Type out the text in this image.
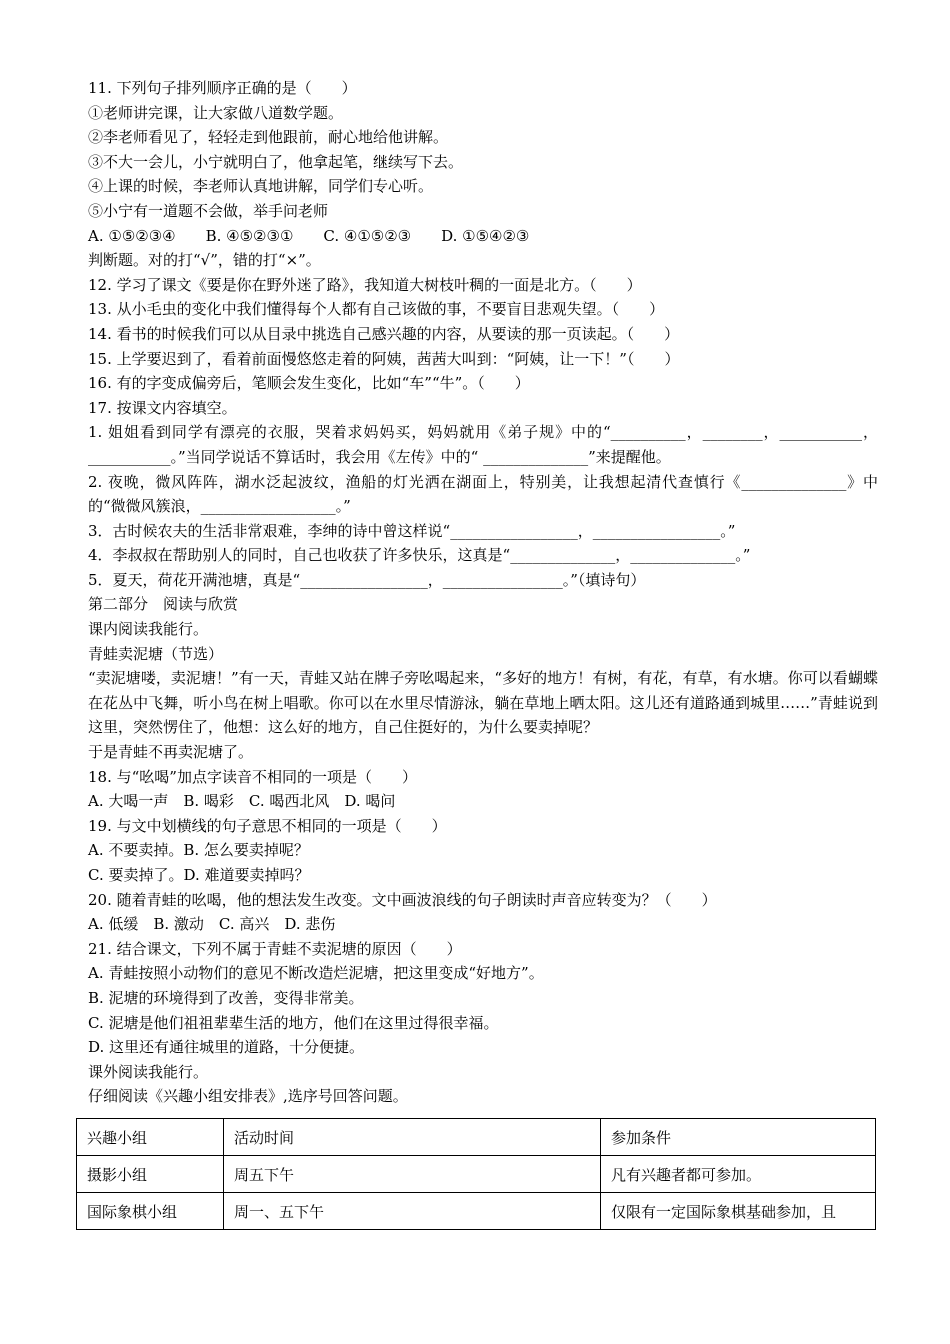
11. 下列句子排列顺序正确的是（　　）

①老师讲完课，让大家做八道数学题。

②李老师看见了，轻轻走到他跟前，耐心地给他讲解。

③不大一会儿，小宁就明白了，他拿起笔，继续写下去。

④上课的时候，李老师认真地讲解，同学们专心听。

⑤小宁有一道题不会做，举手问老师

A. ①⑤②③④　　B. ④⑤②③①　　C. ④①⑤②③　　D. ①⑤④②③

判断题。对的打“√”，错的打“×”。

12. 学习了课文《要是你在野外迷了路》，我知道大树枝叶稠的一面是北方。（　　）

13. 从小毛虫的变化中我们懂得每个人都有自己该做的事，不要盲目悲观失望。（　　）

14. 看书的时候我们可以从目录中挑选自己感兴趣的内容，从要读的那一页读起。（　　）

15. 上学要迟到了，看着前面慢悠悠走着的阿姨，茜茜大叫到：“阿姨，让一下！”（　　）

16. 有的字变成偏旁后，笔顺会发生变化，比如“车”“牛”。（　　）

17. 按课文内容填空。

1. 姐姐看到同学有漂亮的衣服，哭着求妈妈买，妈妈就用《弟子规》中的“__________，________，___________，___________。”当同学说话不算话时，我会用《左传》中的“ ______________”来提醒他。

2. 夜晚，微风阵阵，湖水泛起波纹，渔船的灯光洒在湖面上，特别美，让我想起清代查慎行《______________》中的“微微风簇浪，__________________。”

3．古时候农夫的生活非常艰难，李绅的诗中曾这样说“_________________，_________________。”

4．李叔叔在帮助别人的同时，自己也收获了许多快乐，这真是“______________，______________。”

5．夏天，荷花开满池塘，真是“_________________，________________。”（填诗句）

第二部分　阅读与欣赏

课内阅读我能行。

青蛙卖泥塘（节选）

“卖泥塘喽，卖泥塘！”有一天，青蛙又站在牌子旁吆喝起来，“多好的地方！有树，有花，有草，有水塘。你可以看蝴蝶在花丛中飞舞，听小鸟在树上唱歌。你可以在水里尽情游泳，躺在草地上晒太阳。这儿还有道路通到城里……”青蛙说到这里，突然愣住了，他想：这么好的地方，自己住挺好的，为什么要卖掉呢？

于是青蛙不再卖泥塘了。

18. 与“吆喝”加点字读音不相同的一项是（　　）

A. 大喝一声　B. 喝彩　C. 喝西北风　D. 喝问

19. 与文中划横线的句子意思不相同的一项是（　　）

A. 不要卖掉。B. 怎么要卖掉呢？

C. 要卖掉了。D. 难道要卖掉吗？

20. 随着青蛙的吆喝，他的想法发生改变。文中画波浪线的句子朗读时声音应转变为？（　　）

A. 低缓　B. 激动　C. 高兴　D. 悲伤

21. 结合课文，下列不属于青蛙不卖泥塘的原因（　　）

A. 青蛙按照小动物们的意见不断改造烂泥塘，把这里变成“好地方”。

B. 泥塘的环境得到了改善，变得非常美。

C. 泥塘是他们祖祖辈辈生活的地方，他们在这里过得很幸福。

D. 这里还有通往城里的道路，十分便捷。

课外阅读我能行。

仔细阅读《兴趣小组安排表》,选序号回答问题。

兴趣小组	活动时间	参加条件
摄影小组	周五下午	凡有兴趣者都可参加。
国际象棋小组	周一、五下午	仅限有一定国际象棋基础参加，且
